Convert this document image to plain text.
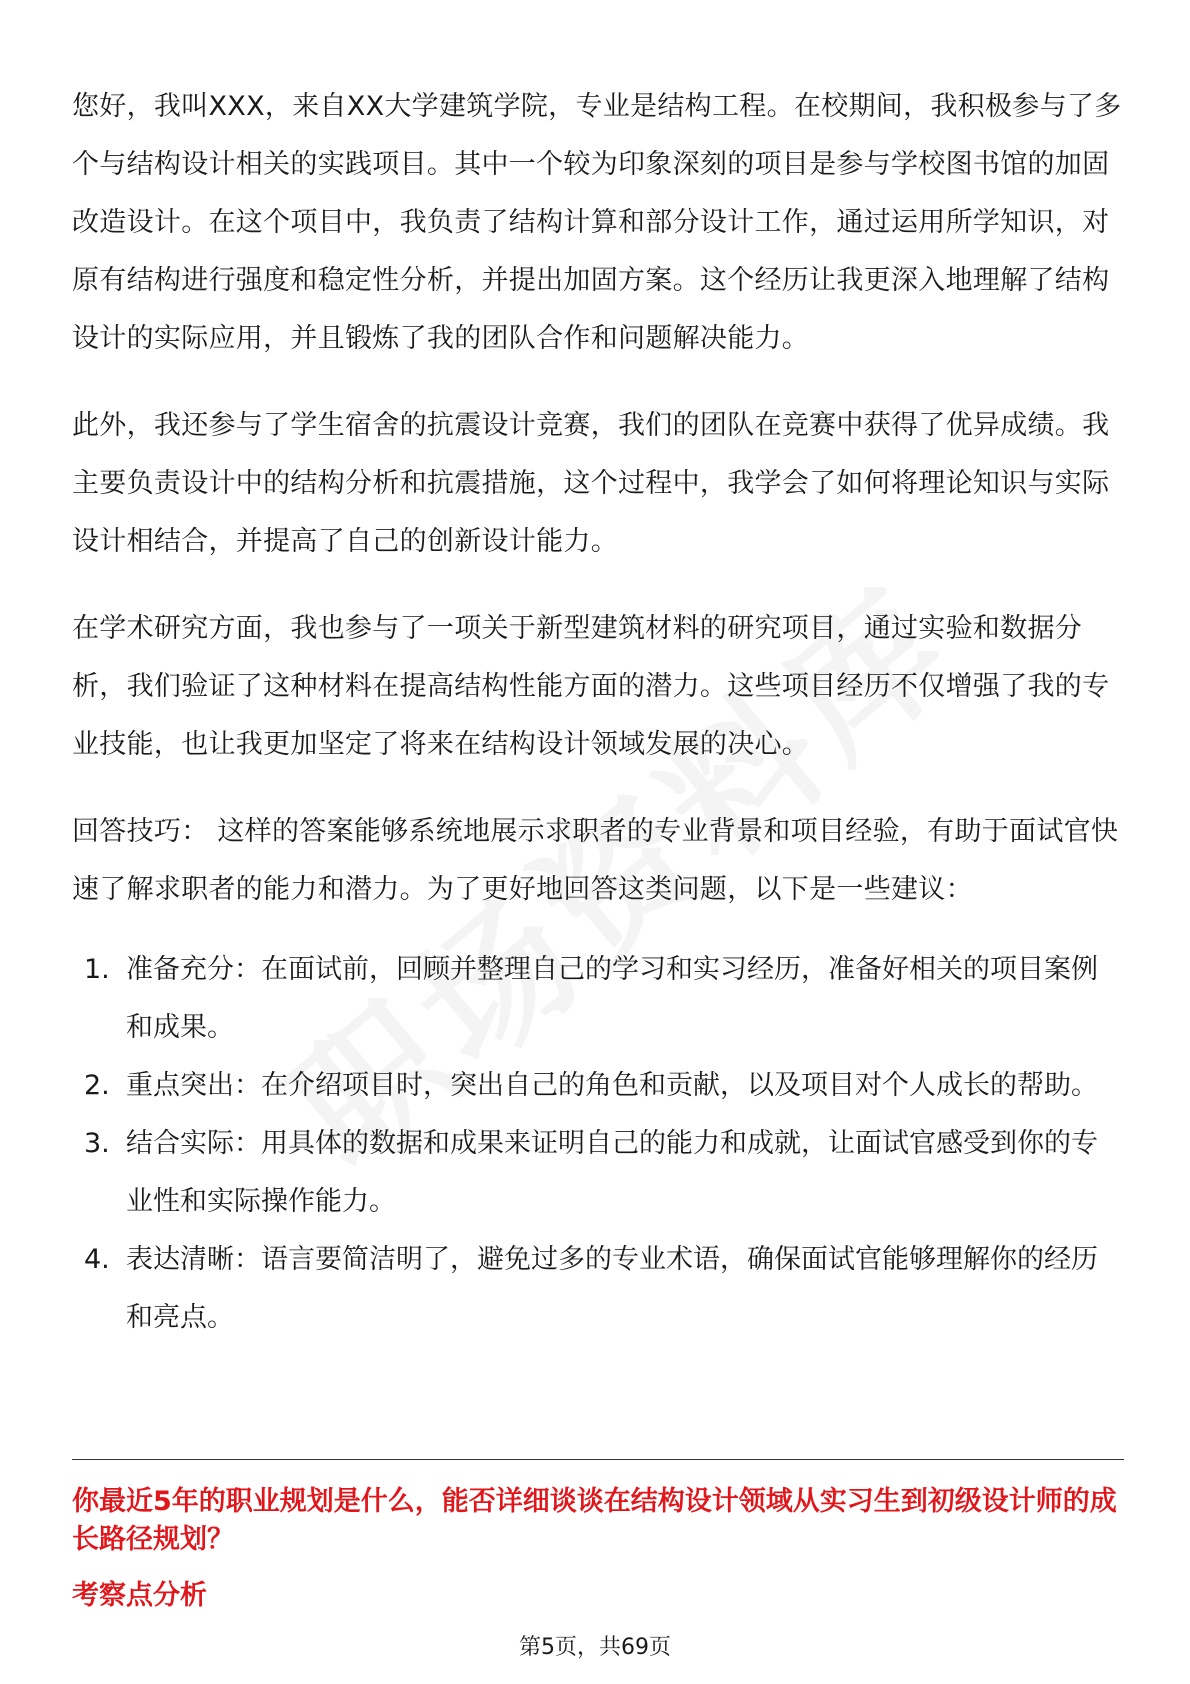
您好，我叫XXX，来自XX大学建筑学院，专业是结构工程。在校期间，我积极参与了多个与结构设计相关的实践项目。其中一个较为印象深刻的项目是参与学校图书馆的加固改造设计。在这个项目中，我负责了结构计算和部分设计工作，通过运用所学知识，对原有结构进行强度和稳定性分析，并提出加固方案。这个经历让我更深入地理解了结构设计的实际应用，并且锻炼了我的团队合作和问题解决能力。

此外，我还参与了学生宿舍的抗震设计竞赛，我们的团队在竞赛中获得了优异成绩。我主要负责设计中的结构分析和抗震措施，这个过程中，我学会了如何将理论知识与实际设计相结合，并提高了自己的创新设计能力。

在学术研究方面，我也参与了一项关于新型建筑材料的研究项目，通过实验和数据分析，我们验证了这种材料在提高结构性能方面的潜力。这些项目经历不仅增强了我的专业技能，也让我更加坚定了将来在结构设计领域发展的决心。

回答技巧： 这样的答案能够系统地展示求职者的专业背景和项目经验，有助于面试官快速了解求职者的能力和潜力。为了更好地回答这类问题，以下是一些建议：

1. 准备充分：在面试前，回顾并整理自己的学习和实习经历，准备好相关的项目案例和成果。
2. 重点突出：在介绍项目时，突出自己的角色和贡献，以及项目对个人成长的帮助。
3. 结合实际：用具体的数据和成果来证明自己的能力和成就，让面试官感受到你的专业性和实际操作能力。
4. 表达清晰：语言要简洁明了，避免过多的专业术语，确保面试官能够理解你的经历和亮点。
你最近5年的职业规划是什么，能否详细谈谈在结构设计领域从实习生到初级设计师的成长路径规划？
考察点分析
第5页，共69页
